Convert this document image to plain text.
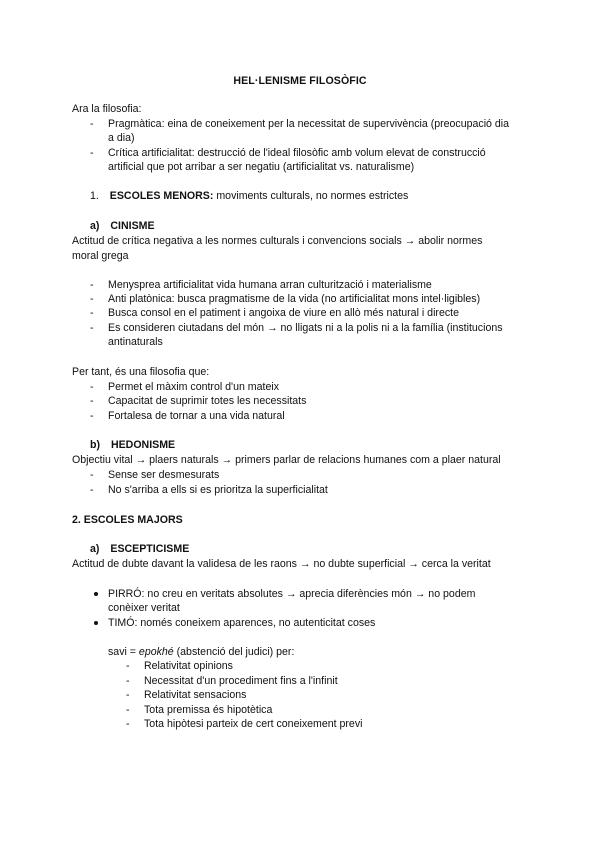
HEL·LENISME FILOSÒFIC
Ara la filosofia:
- Pragmàtica: eina de coneixement per la necessitat de supervivència (preocupació dia
a dia)
- Crítica artificialitat: destrucció de l'ideal filosòfic amb volum elevat de construcció
artificial que pot arribar a ser negatiu (artificialitat vs. naturalisme)
1. ESCOLES MENORS: moviments culturals, no normes estrictes
a) CINISME
Actitud de crítica negativa a les normes culturals i convencions socials → abolir normes
moral grega
- Menysprea artificialitat vida humana arran culturització i materialisme
- Anti platònica: busca pragmatisme de la vida (no artificialitat mons intel·ligibles)
- Busca consol en el patiment i angoixa de viure en allò més natural i directe
- Es consideren ciutadans del món → no lligats ni a la polis ni a la família (institucions
antinaturals
Per tant, és una filosofia que:
- Permet el màxim control d'un mateix
- Capacitat de suprimir totes les necessitats
- Fortalesa de tornar a una vida natural
b) HEDONISME
Objectiu vital → plaers naturals → primers parlar de relacions humanes com a plaer natural
- Sense ser desmesurats
- No s'arriba a ells si es prioritza la superficialitat
2. ESCOLES MAJORS
a) ESCEPTICISME
Actitud de dubte davant la validesa de les raons → no dubte superficial → cerca la veritat
PIRRÓ: no creu en veritats absolutes → aprecia diferències món → no podem
conèixer veritat
TIMÓ: només coneixem aparences, no autenticitat coses
savi = epokhé (abstenció del judici) per:
- Relativitat opinions
- Necessitat d'un procediment fins a l'infinit
- Relativitat sensacions
- Tota premissa és hipotètica
- Tota hipòtesi parteix de cert coneixement previ
